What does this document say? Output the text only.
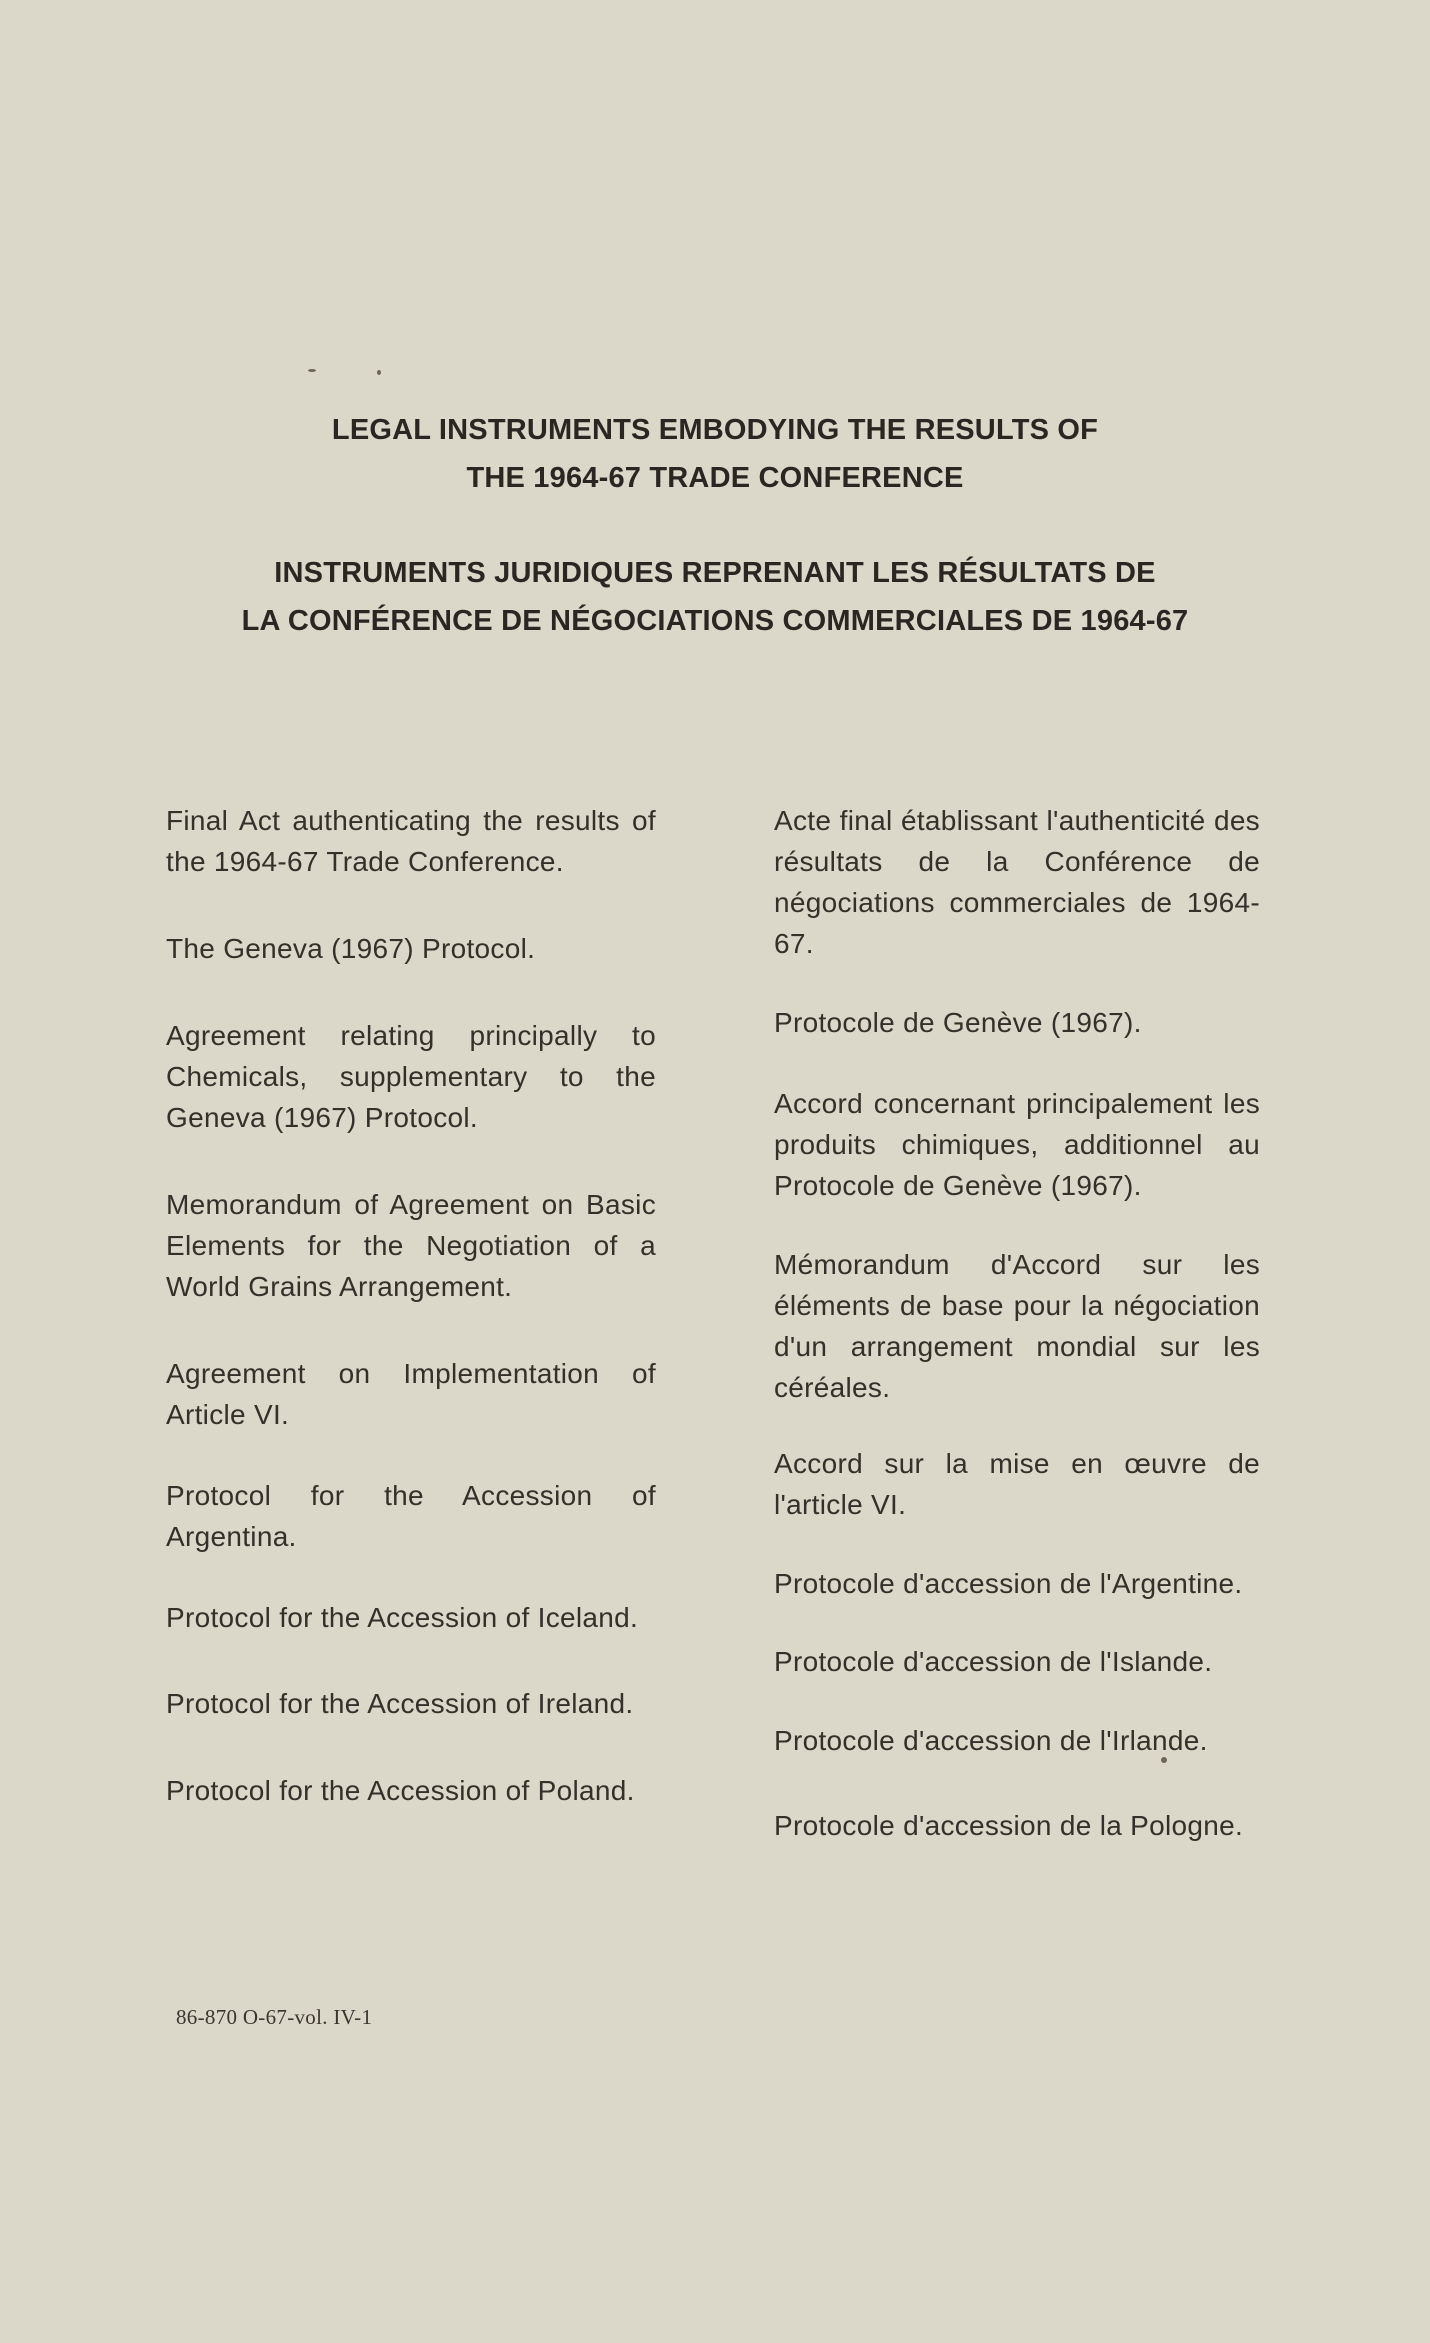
LEGAL INSTRUMENTS EMBODYING THE RESULTS OF
THE 1964-67 TRADE CONFERENCE
INSTRUMENTS JURIDIQUES REPRENANT LES RÉSULTATS DE
LA CONFÉRENCE DE NÉGOCIATIONS COMMERCIALES DE 1964-67

Final Act authenticating the results of the 1964-67 Trade Conference.

The Geneva (1967) Protocol.

Agreement relating principally to Chemicals, supplementary to the Geneva (1967) Protocol.

Memorandum of Agreement on Basic Elements for the Negotiation of a World Grains Arrangement.

Agreement on Implementation of Article VI.

Protocol for the Accession of Argentina.

Protocol for the Accession of Iceland.

Protocol for the Accession of Ireland.

Protocol for the Accession of Poland.

Acte final établissant l'authenticité des résultats de la Conférence de négociations commerciales de 1964-67.

Protocole de Genève (1967).

Accord concernant principalement les produits chimiques, additionnel au Protocole de Genève (1967).

Mémorandum d'Accord sur les éléments de base pour la négociation d'un arrangement mondial sur les céréales.

Accord sur la mise en œuvre de l'article VI.

Protocole d'accession de l'Argentine.

Protocole d'accession de l'Islande.

Protocole d'accession de l'Irlande.

Protocole d'accession de la Pologne.

86-870 O-67-vol. IV-1
